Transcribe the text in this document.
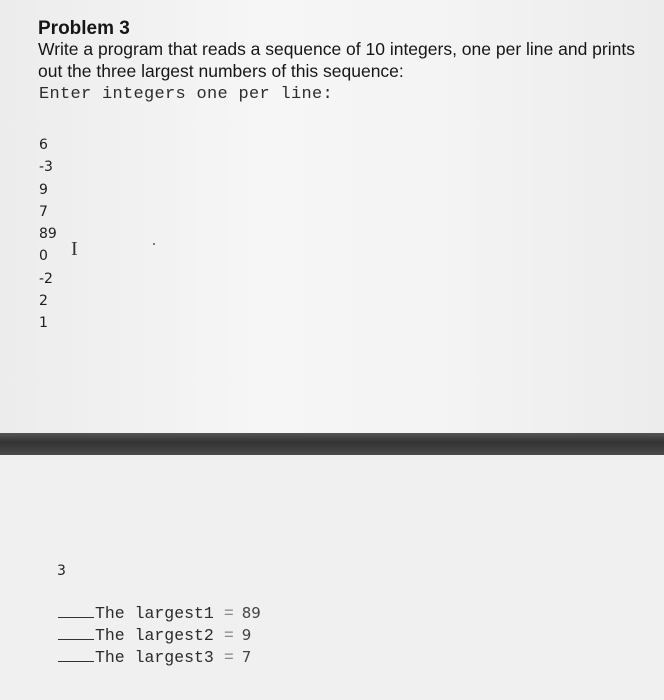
Problem 3
Write a program that reads a sequence of 10 integers, one per line and prints out the three largest numbers of this sequence:
Enter integers one per line:
6
-3
9
7
89
0
-2
2
1
I
3
The largest1 = 89
The largest2 = 9
The largest3 = 7
